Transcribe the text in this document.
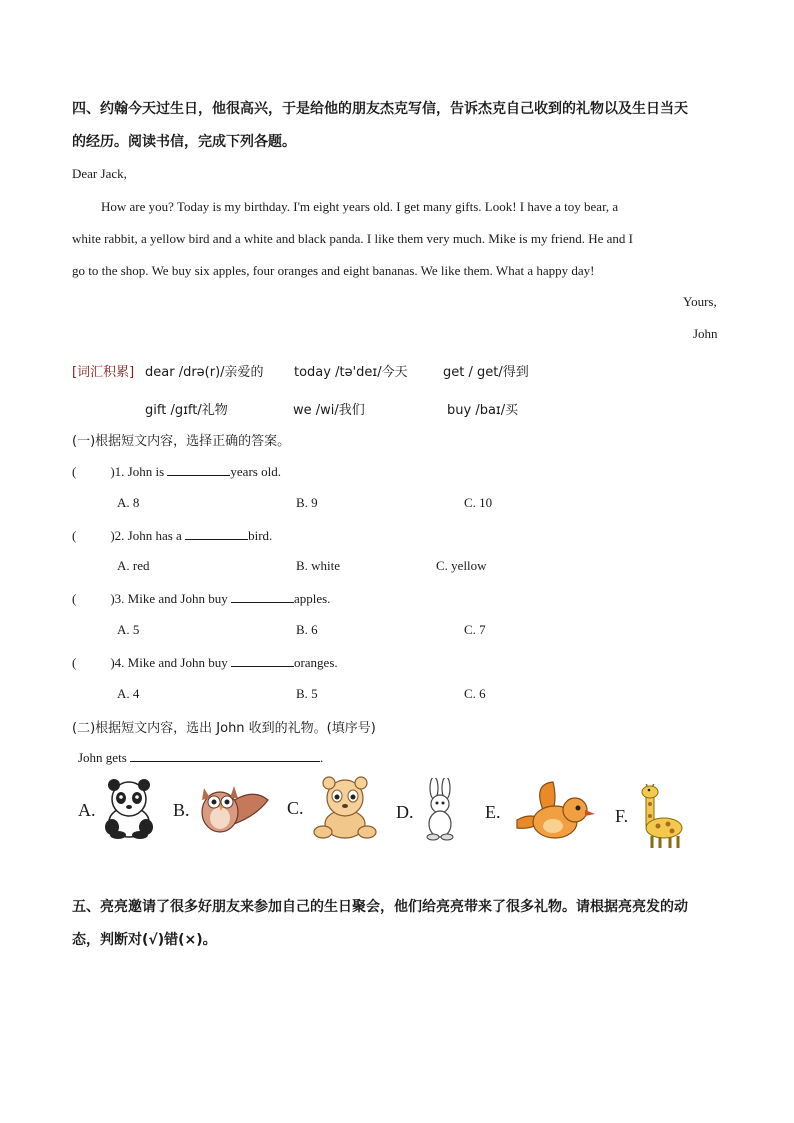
四、约翰今天过生日，他很高兴，于是给他的朋友杰克写信，告诉杰克自己收到的礼物以及生日当天
的经历。阅读书信，完成下列各题。
Dear Jack,
How are you? Today is my birthday. I'm eight years old. I get many gifts. Look! I have a toy bear, a
white rabbit, a yellow bird and a white and black panda. I like them very much. Mike is my friend. He and I
go to the shop. We buy six apples, four oranges and eight bananas. We like them. What a happy day!
Yours,
John
[词汇积累] dear /drə(r)/亲爱的 today /tə'deɪ/今天	get / get/得到
gift /gɪft/礼物	we /wi/我们	buy /baɪ/买
(一)根据短文内容，选择正确的答案。
(	)1. John is	years old.
A. 8	B. 9	C. 10
(	)2. John has a	bird.
A. red	B. white	C. yellow
(	)3. Mike and John buy	apples.
A. 5	B. 6	C. 7
(	)4. Mike and John buy	oranges.
A. 4	B. 5	C. 6
(二)根据短文内容，选出 John 收到的礼物。(填序号)
John gets	.
A.	B.	C.	D.	E.	F.
五、亮亮邀请了很多好朋友来参加自己的生日聚会，他们给亮亮带来了很多礼物。请根据亮亮发的动
态，判断对(√)错(×)。
